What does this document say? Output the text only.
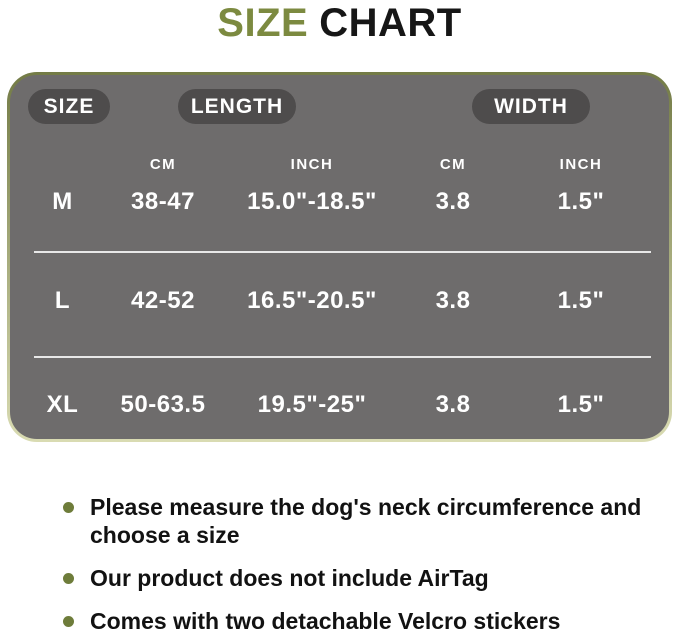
SIZE CHART
SIZE	LENGTH	WIDTH
CM	INCH	CM	INCH
M	38-47	15.0"-18.5"	3.8	1.5"
L	42-52	16.5"-20.5"	3.8	1.5"
XL	50-63.5	19.5"-25"	3.8	1.5"
Please measure the dog's neck circumference and choose a size
Our product does not include AirTag
Comes with two detachable Velcro stickers
